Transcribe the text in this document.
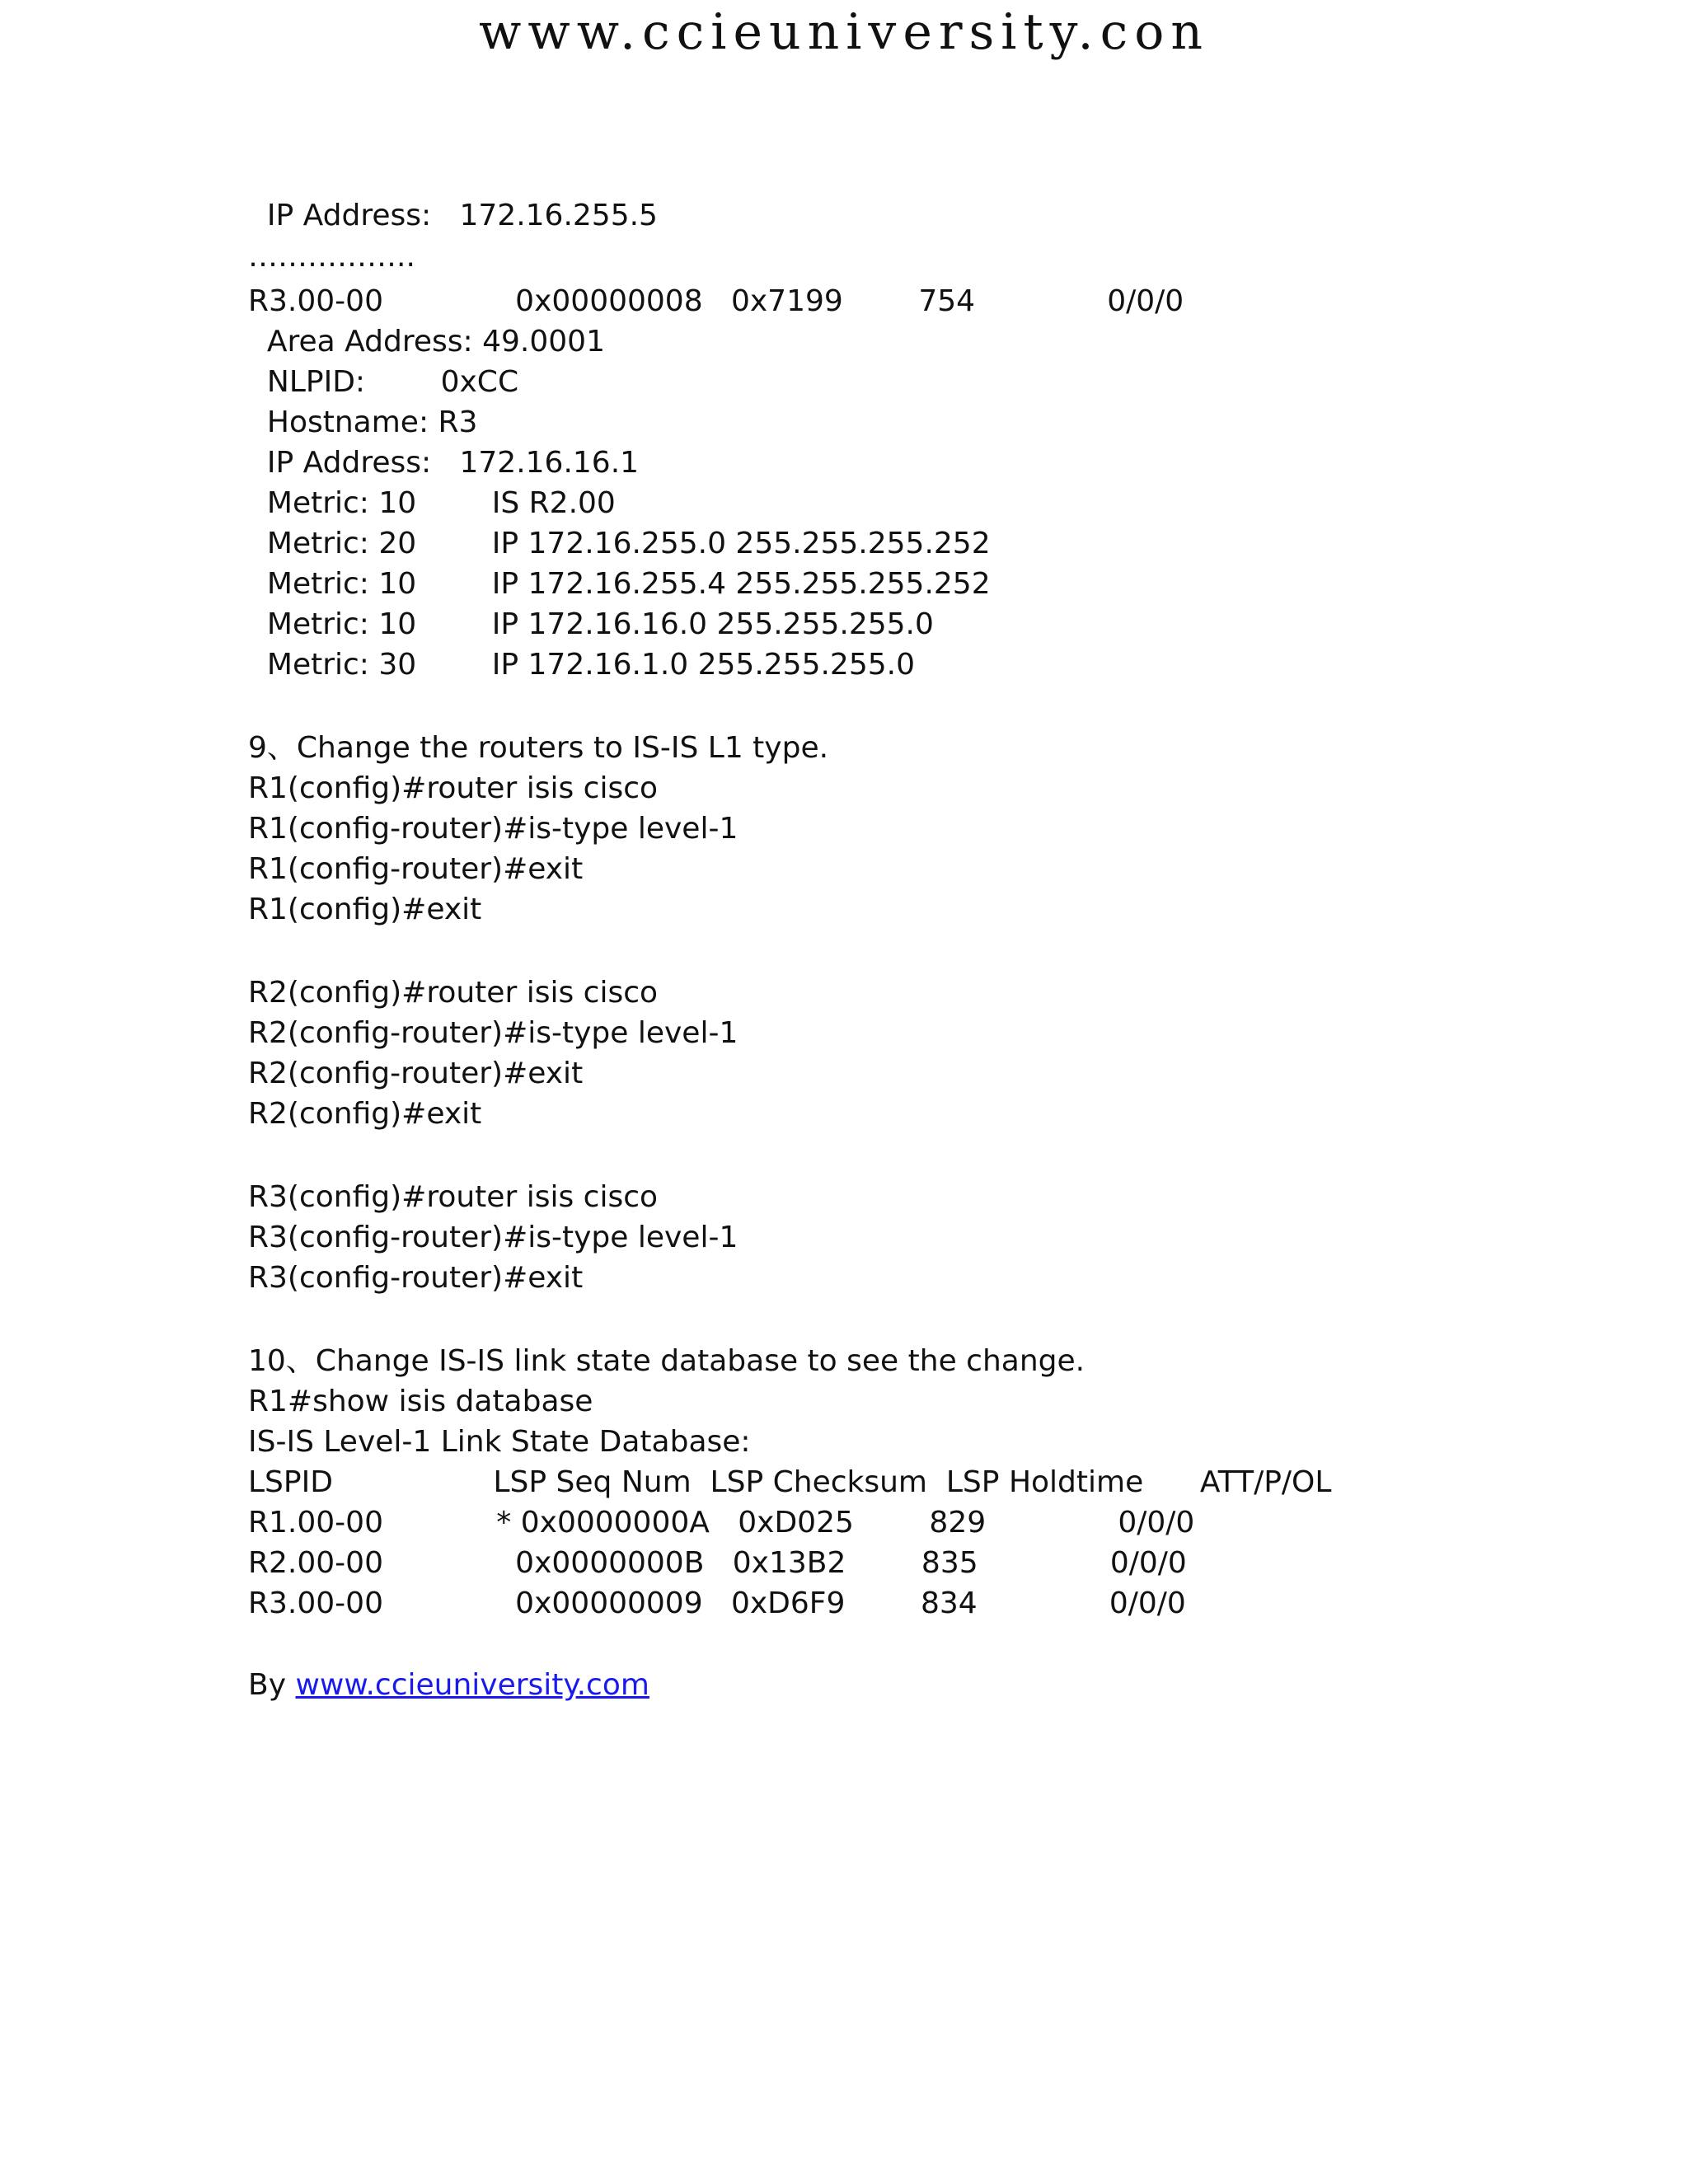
www.ccieuniversity.con
IP Address:   172.16.255.5
……………..
R3.00-00              0x00000008   0x7199        754              0/0/0
Area Address: 49.0001
NLPID:        0xCC
Hostname: R3
IP Address:   172.16.16.1
Metric: 10        IS R2.00
Metric: 20        IP 172.16.255.0 255.255.255.252
Metric: 10        IP 172.16.255.4 255.255.255.252
Metric: 10        IP 172.16.16.0 255.255.255.0
Metric: 30        IP 172.16.1.0 255.255.255.0
9、Change the routers to IS-IS L1 type.
R1(config)#router isis cisco
R1(config-router)#is-type level-1
R1(config-router)#exit
R1(config)#exit
R2(config)#router isis cisco
R2(config-router)#is-type level-1
R2(config-router)#exit
R2(config)#exit
R3(config)#router isis cisco
R3(config-router)#is-type level-1
R3(config-router)#exit
10、Change IS-IS link state database to see the change.
R1#show isis database
IS-IS Level-1 Link State Database:
LSPID                 LSP Seq Num  LSP Checksum  LSP Holdtime      ATT/P/OL
R1.00-00            * 0x0000000A   0xD025        829              0/0/0
R2.00-00              0x0000000B   0x13B2        835              0/0/0
R3.00-00              0x00000009   0xD6F9        834              0/0/0
By www.ccieuniversity.com
